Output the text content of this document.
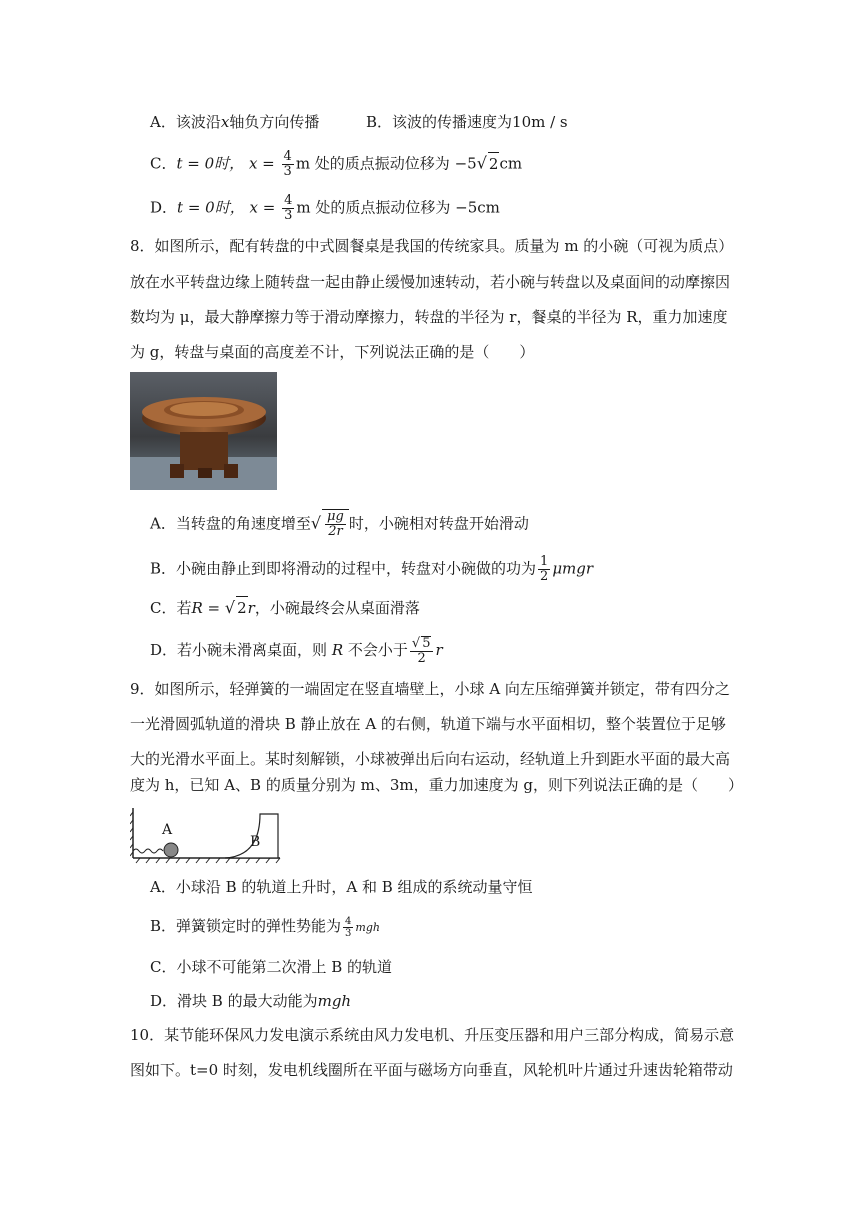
A．该波沿x轴负方向传播	B．该波的传播速度为10m / s
C．t = 0时， $x = \frac{4}{3}$ m 处的质点振动位移为 −5√ 2cm
D．t = 0时， $x = \frac{4}{3}$ m 处的质点振动位移为 −5cm
8．如图所示，配有转盘的中式圆餐桌是我国的传统家具。质量为 m 的小碗（可视为质点）
放在水平转盘边缘上随转盘一起由静止缓慢加速转动，若小碗与转盘以及桌面间的动摩擦因
数均为 μ，最大静摩擦力等于滑动摩擦力，转盘的半径为 r，餐桌的半径为 R，重力加速度
为 g，转盘与桌面的高度差不计，下列说法正确的是（　　）
A．当转盘的角速度增至√ $\frac{\mu g}{2r}$ 时，小碗相对转盘开始滑动
B．小碗由静止到即将滑动的过程中，转盘对小碗做的功为 $\frac{1}{2}$ μmgr
C．若R = √ 2r，小碗最终会从桌面滑落
D．若小碗未滑离桌面，则 R 不会小于 $\frac{√ 5}{2}$ r
9．如图所示，轻弹簧的一端固定在竖直墙壁上，小球 A 向左压缩弹簧并锁定，带有四分之
一光滑圆弧轨道的滑块 B 静止放在 A 的右侧，轨道下端与水平面相切，整个装置位于足够
大的光滑水平面上。某时刻解锁，小球被弹出后向右运动，经轨道上升到距水平面的最大高
度为 h，已知 A、B 的质量分别为 m、3m，重力加速度为 g，则下列说法正确的是（　　）
A
B
A．小球沿 B 的轨道上升时，A 和 B 组成的系统动量守恒
B．弹簧锁定时的弹性势能为 $\frac{4}{3}$ mgh
C．小球不可能第二次滑上 B 的轨道
D．滑块 B 的最大动能为mgh
10．某节能环保风力发电演示系统由风力发电机、升压变压器和用户三部分构成，简易示意
图如下。t=0 时刻，发电机线圈所在平面与磁场方向垂直，风轮机叶片通过升速齿轮箱带动
